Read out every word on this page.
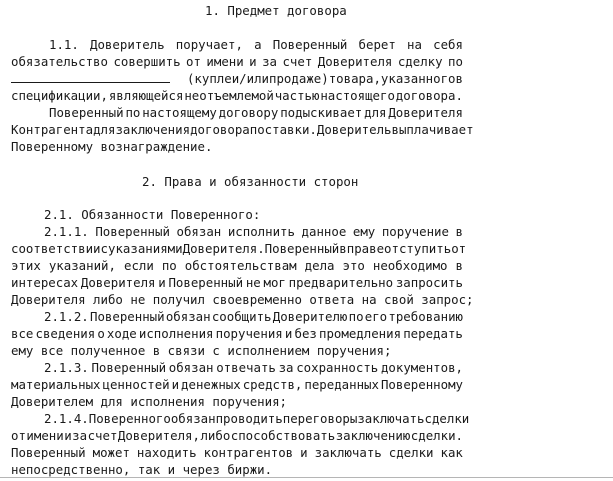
1. Предмет договора
1.1. Доверитель поручает, а Поверенный берет на себя
обязательство совершить от имени и за счет Доверителя сделку по
(купле и/или продаже) товара, указанного в
спецификации, являющейся неотъемлемой частью настоящего договора.
Поверенный по настоящему договору подыскивает для Доверителя
Контрагента для заключения договора поставки. Доверитель выплачивает
Поверенному вознаграждение.
2. Права и обязанности сторон
2.1. Обязанности Поверенного:
2.1.1. Поверенный обязан исполнить данное ему поручение в
соответствии с указаниями Доверителя. Поверенный вправе отступить от
этих указаний, если по обстоятельствам дела это необходимо в
интересах Доверителя и Поверенный не мог предварительно запросить
Доверителя либо не получил своевременно ответа на свой запрос;
2.1.2. Поверенный обязан сообщить Доверителю по его требованию
все сведения о ходе исполнения поручения и без промедления передать
ему все полученное в связи с исполнением поручения;
2.1.3. Поверенный обязан отвечать за сохранность документов,
материальных ценностей и денежных средств, переданных Поверенному
Доверителем для исполнения поручения;
2.1.4. Поверенного обязан проводить переговоры заключать сделки
от имени и за счет Доверителя, либо способствовать заключению сделки.
Поверенный может находить контрагентов и заключать сделки как
непосредственно, так и через биржи.
